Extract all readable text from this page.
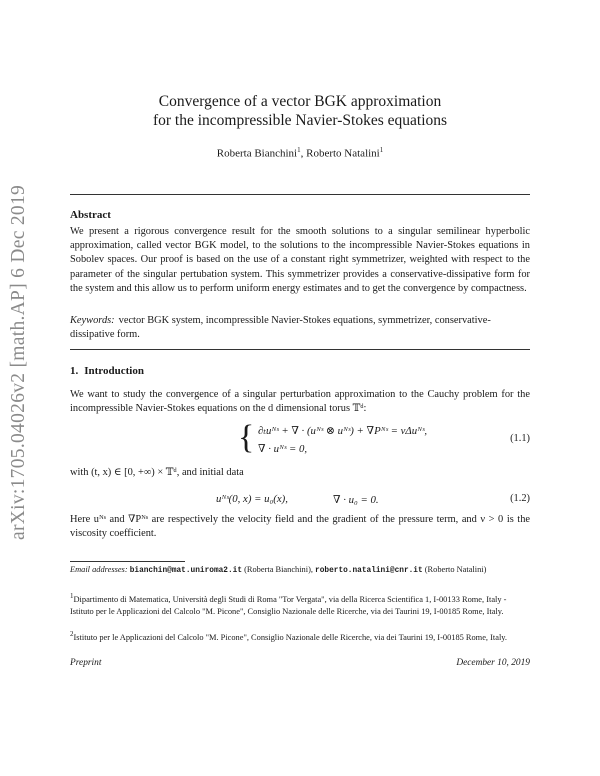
arXiv:1705.04026v2 [math.AP] 6 Dec 2019
Convergence of a vector BGK approximation
for the incompressible Navier-Stokes equations
Roberta Bianchini$^1$, Roberto Natalini$^1$
Abstract
We present a rigorous convergence result for the smooth solutions to a singular semilinear hyperbolic approximation, called vector BGK model, to the solutions to the incompressible Navier-Stokes equations in Sobolev spaces. Our proof is based on the use of a constant right symmetrizer, weighted with respect to the parameter of the singular pertubation system. This symmetrizer provides a conservative-dissipative form for the system and this allow us to perform uniform energy estimates and to get the convergence by compactness.
Keywords: vector BGK system, incompressible Navier-Stokes equations, symmetrizer, conservative-dissipative form.
1. Introduction
We want to study the convergence of a singular perturbation approximation to the Cauchy problem for the incompressible Navier-Stokes equations on the d dimensional torus 𝕋ᵈ:
{ ∂ₜuᴺˢ + ∇ · (uᴺˢ ⊗ uᴺˢ) + ∇Pᴺˢ = νΔuᴺˢ,
∇ · uᴺˢ = 0,
(1.1)
with (t, x) ∈ [0, +∞) × 𝕋ᵈ, and initial data
uᴺˢ(0, x) = u₀(x),	∇ · u₀ = 0.	(1.2)
Here uᴺˢ and ∇Pᴺˢ are respectively the velocity field and the gradient of the pressure term, and ν > 0 is the viscosity coefficient.
Email addresses: bianchin@mat.uniroma2.it (Roberta Bianchini), roberto.natalini@cnr.it (Roberto Natalini)
$^1$Dipartimento di Matematica, Università degli Studi di Roma "Tor Vergata", via della Ricerca Scientifica 1, I-00133 Rome, Italy - Istituto per le Applicazioni del Calcolo "M. Picone", Consiglio Nazionale delle Ricerche, via dei Taurini 19, I-00185 Rome, Italy.
$^2$Istituto per le Applicazioni del Calcolo "M. Picone", Consiglio Nazionale delle Ricerche, via dei Taurini 19, I-00185 Rome, Italy.
Preprint	December 10, 2019
